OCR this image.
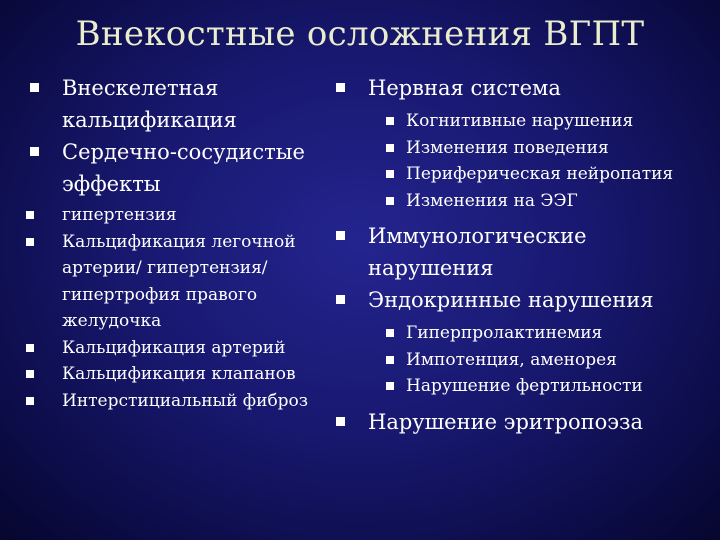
Внекостные осложнения ВГПТ
Внескелетная кальцификация
Сердечно-сосудистые эффекты
гипертензия
Кальцификация легочной артерии/ гипертензия/ гипертрофия правого желудочка
Кальцификация артерий
Кальцификация клапанов
Интерстициальный фиброз
Нервная система
Когнитивные нарушения
Изменения поведения
Периферическая нейропатия
Изменения на ЭЭГ
Иммунологические нарушения
Эндокринные нарушения
Гиперпролактинемия
Импотенция, аменорея
Нарушение фертильности
Нарушение эритропоэза
